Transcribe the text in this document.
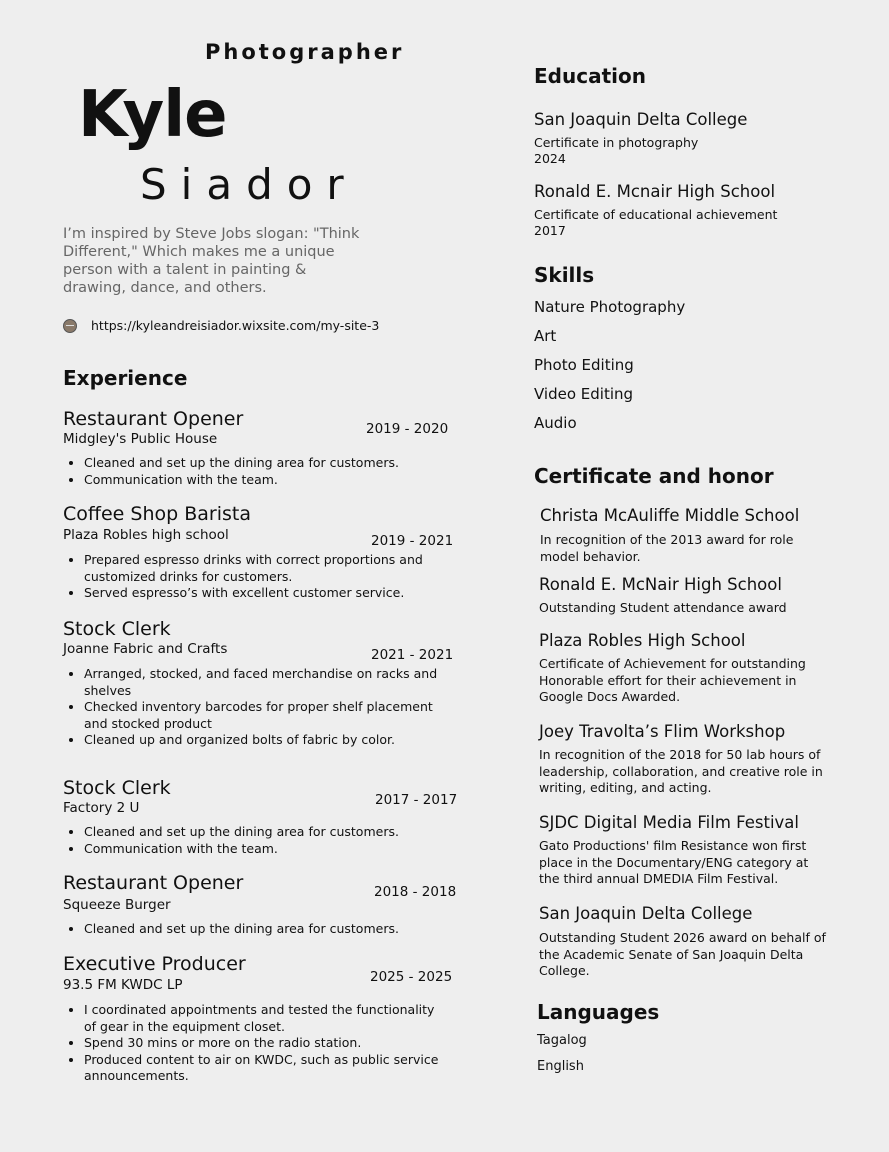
Photographer
Kyle
Siador
I’m inspired by Steve Jobs slogan: "Think Different," Which makes me a unique person with a talent in painting & drawing, dance, and others.
https://kyleandreisiador.wixsite.com/my-site-3
Experience
Restaurant Opener
Midgley's Public House
2019 - 2020
• Cleaned and set up the dining area for customers.
• Communication with the team.
Coffee Shop Barista
Plaza Robles high school	2019 - 2021
• Prepared espresso drinks with correct proportions and customized drinks for customers.
• Served espresso’s with excellent customer service.
Stock Clerk
Joanne Fabric and Crafts	2021 - 2021
• Arranged, stocked, and faced merchandise on racks and shelves
• Checked inventory barcodes for proper shelf placement and stocked product
• Cleaned up and organized bolts of fabric by color.
Stock Clerk
Factory 2 U	2017 - 2017
• Cleaned and set up the dining area for customers.
• Communication with the team.
Restaurant Opener
Squeeze Burger
2018 - 2018
• Cleaned and set up the dining area for customers.
Executive Producer
93.5 FM KWDC LP	2025 - 2025
• I coordinated appointments and tested the functionality of gear in the equipment closet.
• Spend 30 mins or more on the radio station.
• Produced content to air on KWDC, such as public service announcements.
Education
San Joaquin Delta College
Certificate in photography
2024
Ronald E. Mcnair High School
Certificate of educational achievement
2017
Skills
Nature Photography
Art
Photo Editing
Video Editing
Audio
Certificate and honor
Christa McAuliffe Middle School
In recognition of the 2013 award for role model behavior.
Ronald E. McNair High School
Outstanding Student attendance award
Plaza Robles High School
Certificate of Achievement for outstanding Honorable effort for their achievement in Google Docs Awarded.
Joey Travolta’s Flim Workshop
In recognition of the 2018 for 50 lab hours of leadership, collaboration, and creative role in writing, editing, and acting.
SJDC Digital Media Film Festival
Gato Productions' film Resistance won first place in the Documentary/ENG category at the third annual DMEDIA Film Festival.
San Joaquin Delta College
Outstanding Student 2026 award on behalf of the Academic Senate of San Joaquin Delta College.
Languages
Tagalog
English
